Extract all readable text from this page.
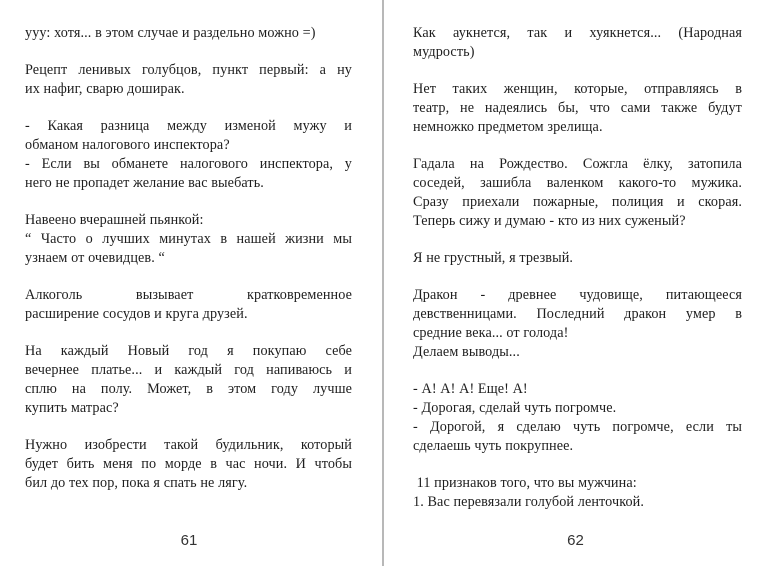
ууу: хотя... в этом случае и раздельно можно =)
Рецепт ленивых голубцов, пункт первый: а ну
их нафиг, сварю доширак.
- Какая разница между изменой мужу и
обманом налогового инспектора?
- Если вы обманете налогового инспектора, у
него не пропадет желание вас выебать.
Навеено вчерашней пьянкой:
“ Часто о лучших минутах в нашей жизни мы
узнаем от очевидцев. “
Алкоголь вызывает кратковременное
расширение сосудов и круга друзей.
На каждый Новый год я покупаю себе
вечернее платье... и каждый год напиваюсь и
сплю на полу. Может, в этом году лучше
купить матрас?
Нужно изобрести такой будильник, который
будет бить меня по морде в час ночи. И чтобы
бил до тех пор, пока я спать не лягу.
61
Как аукнется, так и хуякнется... (Народная
мудрость)
Нет таких женщин, которые, отправляясь в
театр, не надеялись бы, что сами также будут
немножко предметом зрелища.
Гадала на Рождество. Сожгла ёлку, затопила
соседей, зашибла валенком какого-то мужика.
Сразу приехали пожарные, полиция и скорая.
Теперь сижу и думаю - кто из них суженый?
Я не грустный, я трезвый.
Дракон - древнее чудовище, питающееся
девственницами. Последний дракон умер в
средние века... от голода!
Делаем выводы...
- А! А! А! Еще! А!
- Дорогая, сделай чуть погромче.
- Дорогой, я сделаю чуть погромче, если ты
сделаешь чуть покрупнее.
11 признаков того, что вы мужчина:
1. Вас перевязали голубой ленточкой.
62
